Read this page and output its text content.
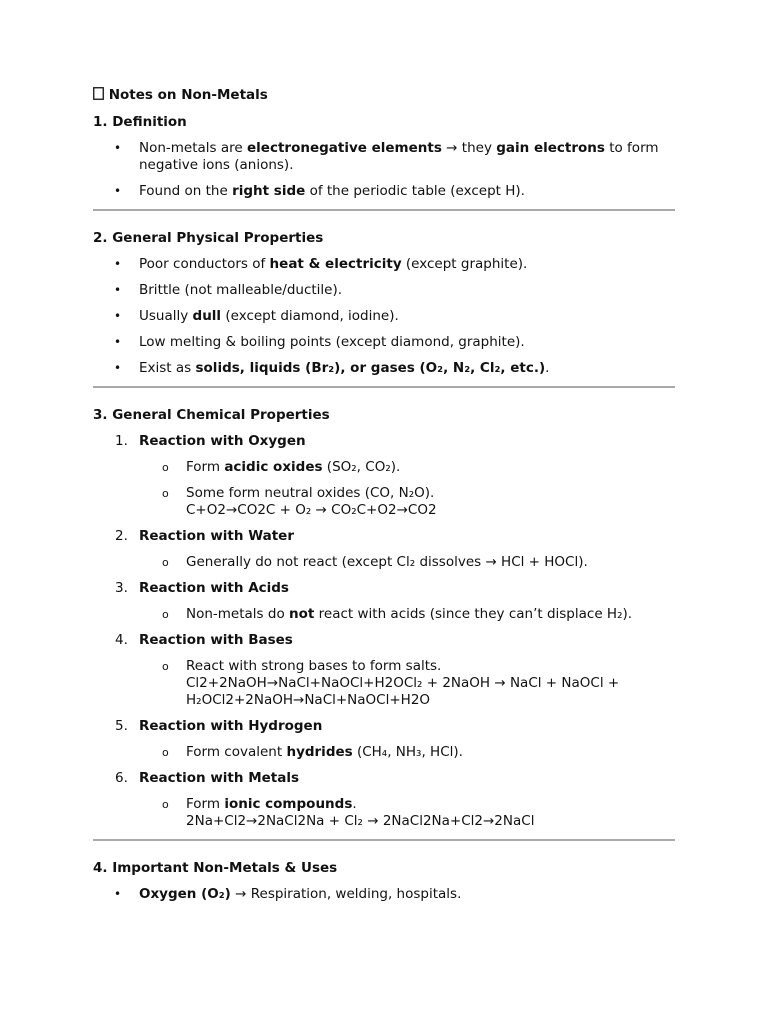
Notes on Non-Metals
1. Definition
• Non-metals are electronegative elements → they gain electrons to form negative ions (anions).
• Found on the right side of the periodic table (except H).
2. General Physical Properties
• Poor conductors of heat & electricity (except graphite).
• Brittle (not malleable/ductile).
• Usually dull (except diamond, iodine).
• Low melting & boiling points (except diamond, graphite).
• Exist as solids, liquids (Br₂), or gases (O₂, N₂, Cl₂, etc.).
3. General Chemical Properties
1. Reaction with Oxygen
o Form acidic oxides (SO₂, CO₂).
o Some form neutral oxides (CO, N₂O).
C+O2→CO2C + O₂ → CO₂C+O2→CO2
2. Reaction with Water
o Generally do not react (except Cl₂ dissolves → HCl + HOCl).
3. Reaction with Acids
o Non-metals do not react with acids (since they can’t displace H₂).
4. Reaction with Bases
o React with strong bases to form salts.
Cl2+2NaOH→NaCl+NaOCl+H2OCl₂ + 2NaOH → NaCl + NaOCl +
H₂OCl2+2NaOH→NaCl+NaOCl+H2O
5. Reaction with Hydrogen
o Form covalent hydrides (CH₄, NH₃, HCl).
6. Reaction with Metals
o Form ionic compounds.
2Na+Cl2→2NaCl2Na + Cl₂ → 2NaCl2Na+Cl2→2NaCl
4. Important Non-Metals & Uses
• Oxygen (O₂) → Respiration, welding, hospitals.
